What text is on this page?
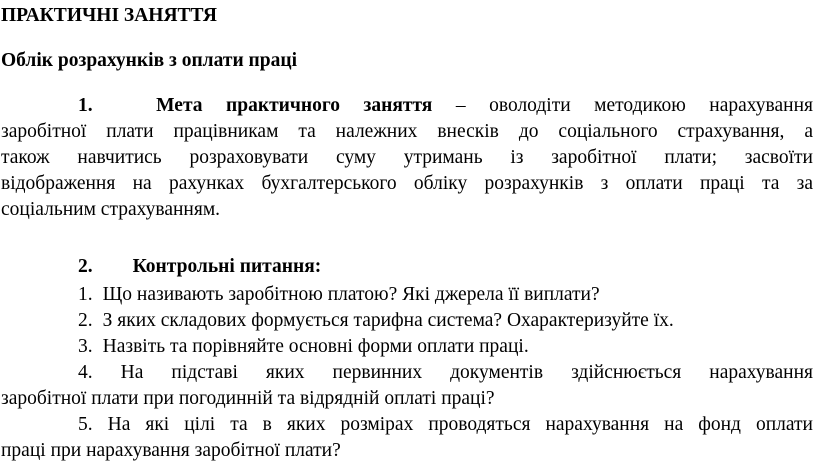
ПРАКТИЧНІ ЗАНЯТТЯ
Облік розрахунків з оплати праці
1.	Мета практичного заняття – оволодіти методикою нарахування
заробітної плати працівникам та належних внесків до соціального страхування, а
також навчитись розраховувати суму утримань із заробітної плати; засвоїти
відображення на рахунках бухгалтерського обліку розрахунків з оплати праці та за
соціальним страхуванням.
2. Контрольні питання:
1. Що називають заробітною платою? Які джерела її виплати?
2. З яких складових формується тарифна система? Охарактеризуйте їх.
3. Назвіть та порівняйте основні форми оплати праці.
4. На підставі яких первинних документів здійснюється нарахування
заробітної плати при погодинній та відрядній оплаті праці?
5. На які цілі та в яких розмірах проводяться нарахування на фонд оплати
праці при нарахування заробітної плати?
